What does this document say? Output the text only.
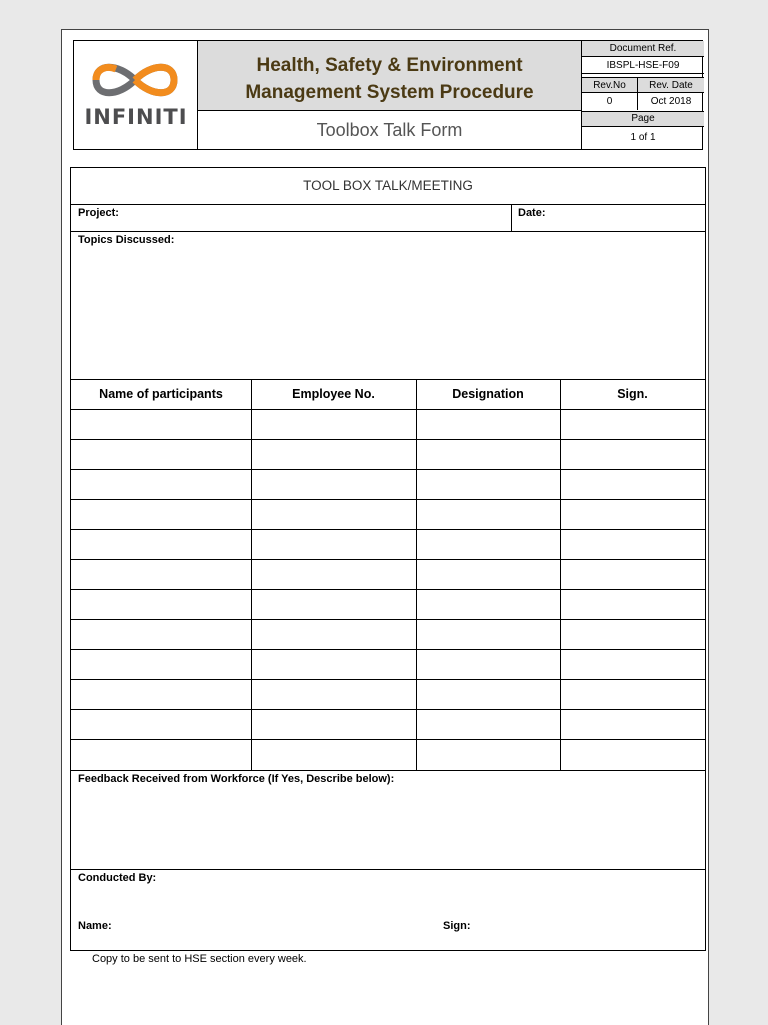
INFINITI
Health, Safety & Environment
Management System Procedure
Toolbox Talk Form
Document Ref.
IBSPL-HSE-F09
Rev.No	Rev. Date
0	Oct 2018
Page
1 of 1
TOOL BOX TALK/MEETING
Project:	Date:
Topics Discussed:
Name of participants	Employee No.	Designation	Sign.
Feedback Received from Workforce (If Yes, Describe below):
Conducted By:
Name:	Sign:
Copy to be sent to HSE section every week.
